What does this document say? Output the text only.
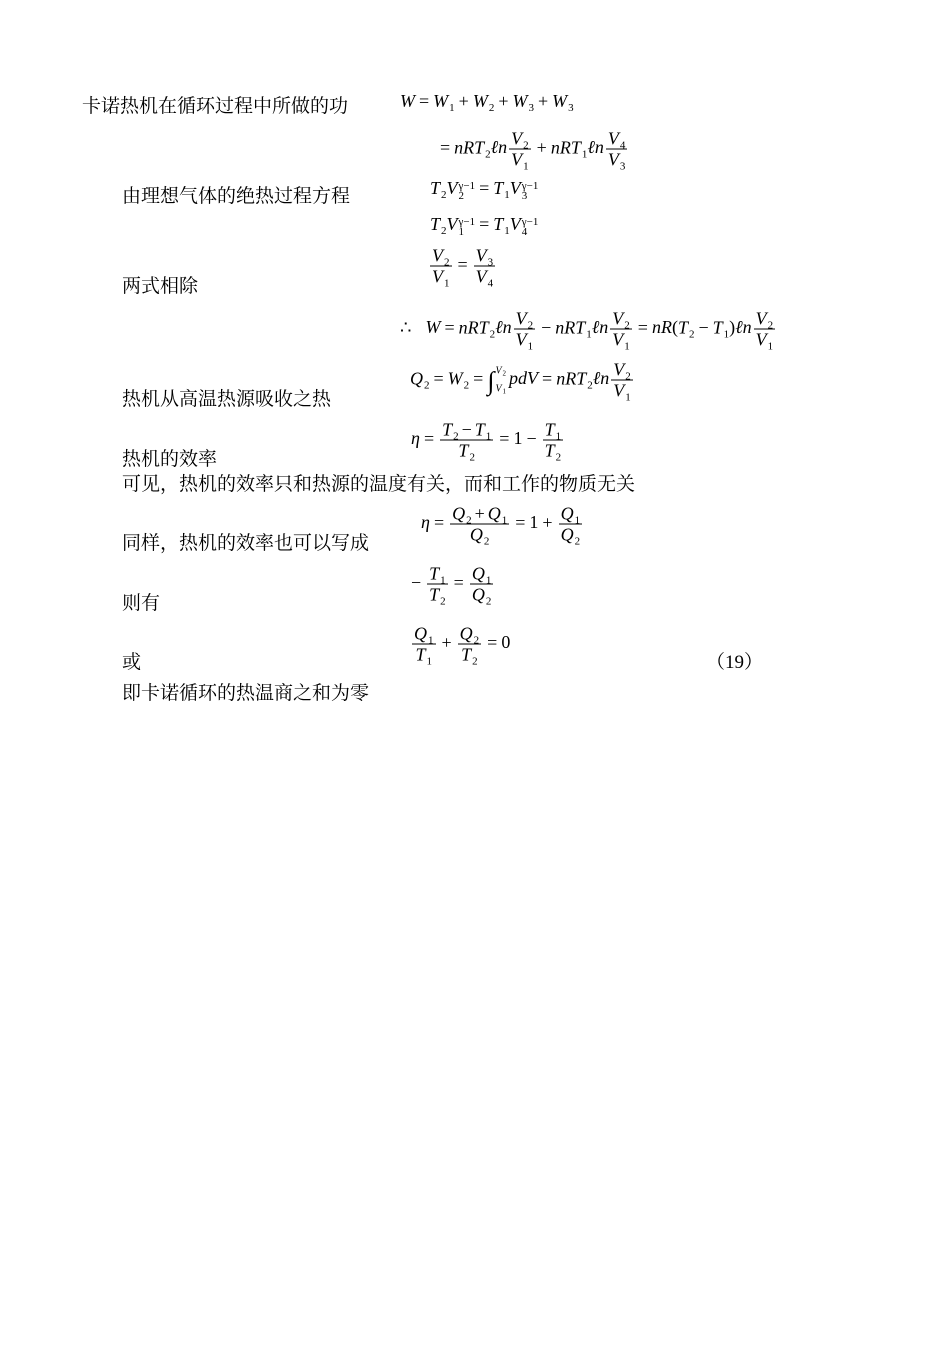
卡诺热机在循环过程中所做的功
由理想气体的绝热过程方程
两式相除
热机从高温热源吸收之热
热机的效率
可见，热机的效率只和热源的温度有关，而和工作的物质无关
同样，热机的效率也可以写成
则有
或	（19）
即卡诺循环的热温商之和为零
$W = W_1 + W_2 + W_3 + W_3$
= nRT$_2$ℓn $\frac{V_2}{V_1}$ + nRT$_1$ℓn $\frac{V_4}{V_3}$
$T_2V$ γ−1
$2 = T_1V$ γ−1
3
$T_2V$ γ−1
$1 = T_1V$ γ−1
4
$\frac{V_2}{V_1} = \frac{V_3}{V_4}$
∴ W = nRT$_2$ℓn $\frac{V_2}{V_1}$ − nRT$_1$ℓn $\frac{V_2}{V_1} = nR(T_2$ − $T_1)\ell n \frac{V_2}{V_1}$
$Q_2 = W_2$ = ∫ $V_2$
$V_1$
pdV = nRT$_2$ℓn $\frac{V_2}{V_1}$
$\eta = \frac{T_2 - T_1}{T_2} = 1 - \frac{T_1}{T_2}$
$\eta = \frac{Q_2 + Q_1}{Q_2} = 1 + \frac{Q_1}{Q_2}$
− $\frac{T_1}{T_2} = \frac{Q_1}{Q_2}$
$\frac{Q_1}{T_1} + \frac{Q_2}{T_2} = 0$
